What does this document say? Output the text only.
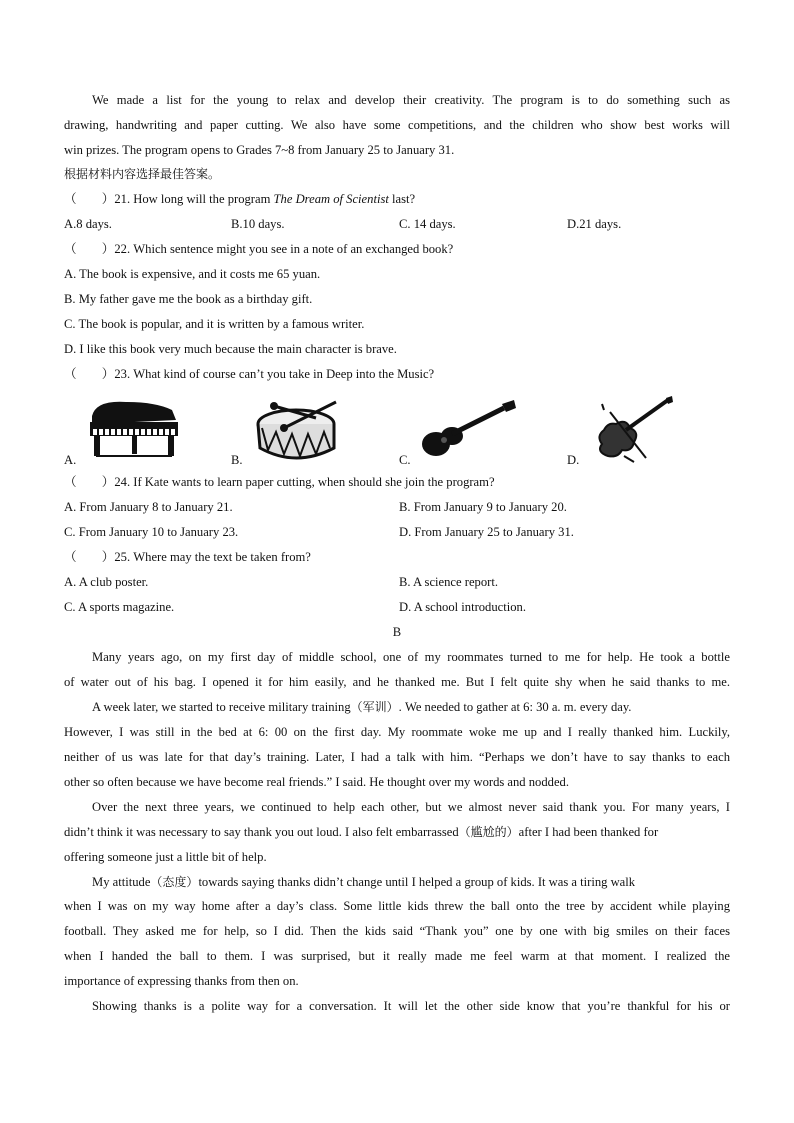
We made a list for the young to relax and develop their creativity. The program is to do something such as
drawing, handwriting and paper cutting. We also have some competitions, and the children who show best works will
win prizes. The program opens to Grades 7~8 from January 25 to January 31.
根据材料内容选择最佳答案。
（　　）21. How long will the program The Dream of Scientist last?
A.8 days.	B.10 days.	C. 14 days.	D.21 days.
（　　）22. Which sentence might you see in a note of an exchanged book?
A. The book is expensive, and it costs me 65 yuan.
B. My father gave me the book as a birthday gift.
C. The book is popular, and it is written by a famous writer.
D. I like this book very much because the main character is brave.
（　　）23. What kind of course can’t you take in Deep into the Music?
A.	B.	C.	D.
（　　）24. If Kate wants to learn paper cutting, when should she join the program?
A. From January 8 to January 21.	B. From January 9 to January 20.
C. From January 10 to January 23.	D. From January 25 to January 31.
（　　）25. Where may the text be taken from?
A. A club poster.	B. A science report.
C. A sports magazine.	D. A school introduction.
B
Many years ago, on my first day of middle school, one of my roommates turned to me for help. He took a bottle
of water out of his bag. I opened it for him easily, and he thanked me. But I felt quite shy when he said thanks to me.
A week later, we started to receive military training（军训）. We needed to gather at 6: 30 a. m. every day.
However, I was still in the bed at 6: 00 on the first day. My roommate woke me up and I really thanked him. Luckily,
neither of us was late for that day’s training. Later, I had a talk with him. “Perhaps we don’t have to say thanks to each
other so often because we have become real friends.” I said. He thought over my words and nodded.
Over the next three years, we continued to help each other, but we almost never said thank you. For many years, I
didn’t think it was necessary to say thank you out loud. I also felt embarrassed（尴尬的）after I had been thanked for
offering someone just a little bit of help.
My attitude（态度）towards saying thanks didn’t change until I helped a group of kids. It was a tiring walk
when I was on my way home after a day’s class. Some little kids threw the ball onto the tree by accident while playing
football. They asked me for help, so I did. Then the kids said “Thank you” one by one with big smiles on their faces
when I handed the ball to them. I was surprised, but it really made me feel warm at that moment. I realized the
importance of expressing thanks from then on.
Showing thanks is a polite way for a conversation. It will let the other side know that you’re thankful for his or
